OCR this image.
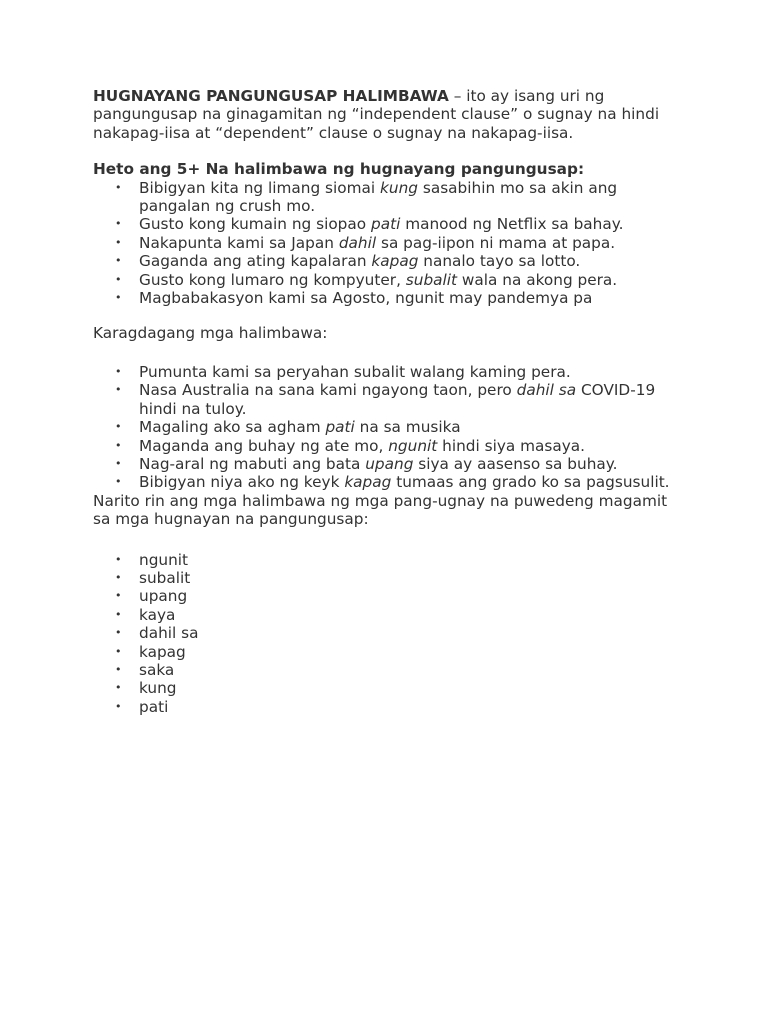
HUGNAYANG PANGUNGUSAP HALIMBAWA – ito ay isang uri ng pangungusap na ginagamitan ng “independent clause” o sugnay na hindi nakapag-iisa at “dependent” clause o sugnay na nakapag-iisa.

Heto ang 5+ Na halimbawa ng hugnayang pangungusap:

• Bibigyan kita ng limang siomai kung sasabihin mo sa akin ang pangalan ng crush mo.
• Gusto kong kumain ng siopao pati manood ng Netflix sa bahay.
• Nakapunta kami sa Japan dahil sa pag-iipon ni mama at papa.
• Gaganda ang ating kapalaran kapag nanalo tayo sa lotto.
• Gusto kong lumaro ng kompyuter, subalit wala na akong pera.
• Magbabakasyon kami sa Agosto, ngunit may pandemya pa

Karagdagang mga halimbawa:

• Pumunta kami sa peryahan subalit walang kaming pera.
• Nasa Australia na sana kami ngayong taon, pero dahil sa COVID-19 hindi na tuloy.
• Magaling ako sa agham pati na sa musika
• Maganda ang buhay ng ate mo, ngunit hindi siya masaya.
• Nag-aral ng mabuti ang bata upang siya ay aasenso sa buhay.
• Bibigyan niya ako ng keyk kapag tumaas ang grado ko sa pagsusulit.

Narito rin ang mga halimbawa ng mga pang-ugnay na puwedeng magamit sa mga hugnayan na pangungusap:

• ngunit
• subalit
• upang
• kaya
• dahil sa
• kapag
• saka
• kung
• pati
